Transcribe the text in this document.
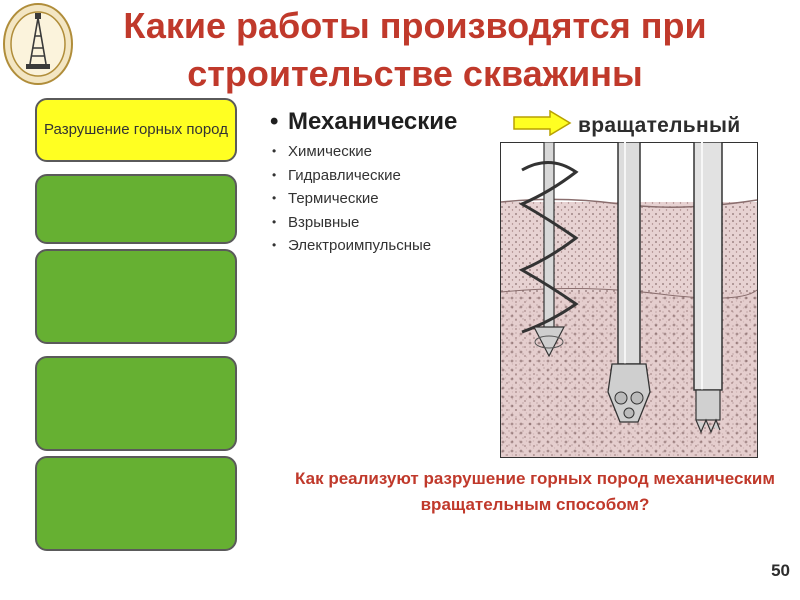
Какие работы производятся при строительстве скважины
Разрушение горных пород • Механические
• Химические
• Гидравлические
• Термические
• Взрывные
• Электроимпульсные
вращательный
Как реализуют разрушение горных пород механическим вращательным способом?
50
